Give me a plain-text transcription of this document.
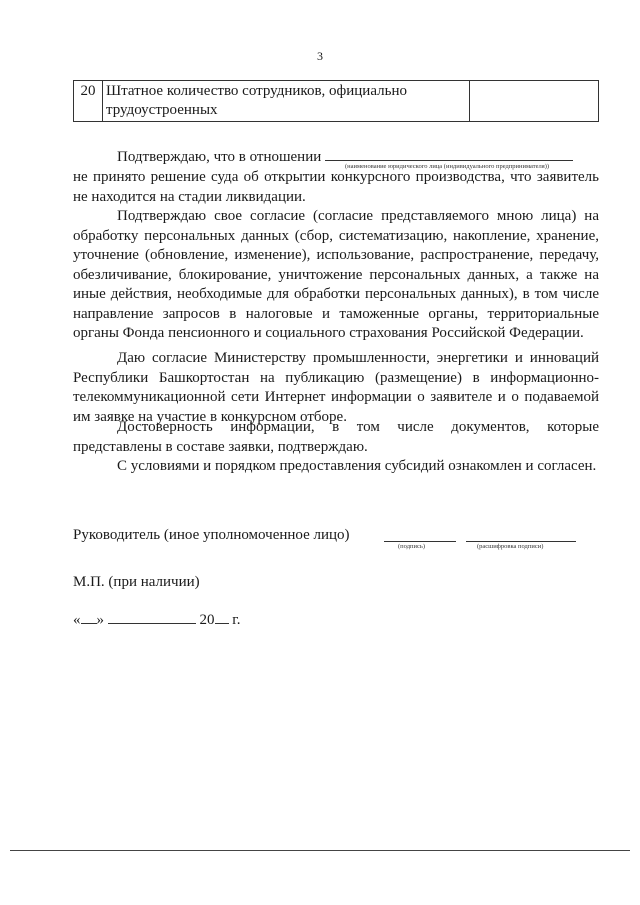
3
20	Штатное количество сотрудников, официально трудоустроенных	
Подтверждаю, что в отношении
(наименование юридического лица (индивидуального предпринимателя))

не принято решение суда об открытии конкурсного производства, что заявитель не находится на стадии ликвидации.

Подтверждаю свое согласие (согласие представляемого мною лица) на обработку персональных данных (сбор, систематизацию, накопление, хранение, уточнение (обновление, изменение), использование, распространение, передачу, обезличивание, блокирование, уничтожение персональных данных, а также на иные действия, необходимые для обработки персональных данных), в том числе направление запросов в налоговые и таможенные органы, территориальные органы Фонда пенсионного и социального страхования Российской Федерации.

Даю согласие Министерству промышленности, энергетики и инноваций Республики Башкортостан на публикацию (размещение) в информационно-телекоммуникационной сети Интернет информации о заявителе и о подаваемой им заявке на участие в конкурсном отборе.

Достоверность информации, в том числе документов, которые представлены в составе заявки, подтверждаю.

С условиями и порядком предоставления субсидий ознакомлен и согласен.

Руководитель (иное уполномоченное лицо)
(подпись)	(расшифровка подписи)
М.П. (при наличии)
« »	20 г.
